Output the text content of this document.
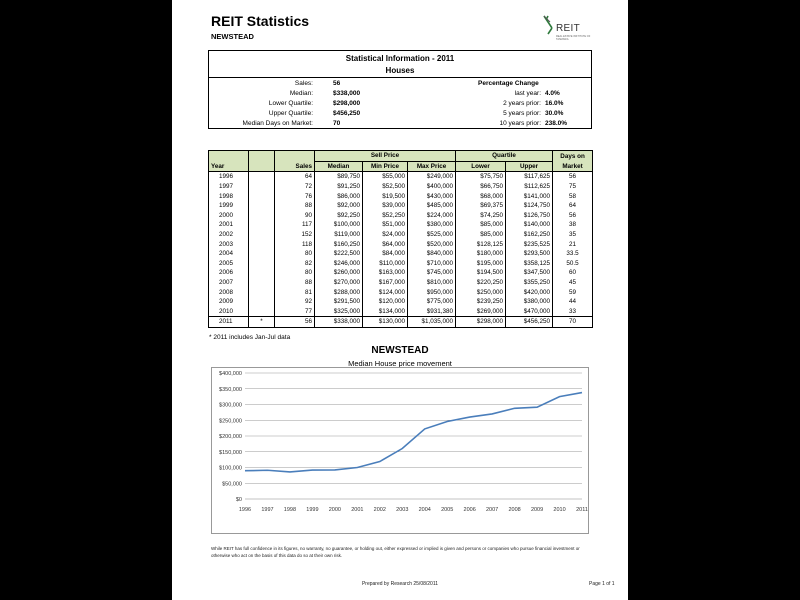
REIT Statistics
NEWSTEAD
REIT
REAL ESTATE INSTITUTE OF TASMANIA
Statistical Information - 2011
Houses
Sales:	56
Median:	$338,000
Lower Quartile:	$298,000
Upper Quartile:	$456,250
Median Days on Market:	70
Percentage Change
last year: 4.0%
2 years prior: 16.0%
5 years prior: 30.0%
10 years prior: 238.0%
			Sell Price			Quartile		Days on
Year		Sales	Median	Min Price	Max Price	Lower	Upper	Market
1996		64	$89,750	$55,000	$249,000	$75,750	$117,625	56
1997		72	$91,250	$52,500	$400,000	$66,750	$112,625	75
1998		76	$86,000	$19,500	$430,000	$68,000	$141,000	58
1999		88	$92,000	$39,000	$485,000	$69,375	$124,750	64
2000		90	$92,250	$52,250	$224,000	$74,250	$126,750	56
2001		117	$100,000	$51,000	$380,000	$85,000	$140,000	38
2002		152	$119,000	$24,000	$525,000	$85,000	$162,250	35
2003		118	$160,250	$64,000	$520,000	$128,125	$235,525	21
2004		80	$222,500	$84,000	$840,000	$180,000	$293,500	33.5
2005		82	$246,000	$110,000	$710,000	$195,000	$358,125	50.5
2006		80	$260,000	$163,000	$745,000	$194,500	$347,500	60
2007		88	$270,000	$167,000	$810,000	$220,250	$355,250	45
2008		81	$288,000	$124,000	$950,000	$250,000	$420,000	59
2009		92	$291,500	$120,000	$775,000	$239,250	$380,000	44
2010		77	$325,000	$134,000	$931,380	$269,000	$470,000	33
2011	*	56	$338,000	$130,000	$1,035,000	$298,000	$456,250	70
* 2011 includes Jan-Jul data
NEWSTEAD
Median House price movement
$0
$50,000
$100,000
$150,000
$200,000
$250,000
$300,000
$350,000
$400,000
1996 1997 1998 1999 2000 2001 2002 2003 2004 2005 2006 2007 2008 2009 2010 2011
While REIT has full confidence in its figures, no warranty, no guarantee, or holding out, either expressed or implied is given and persons or companies who pursue financial investment or otherwise who act on the basis of this data do so at their own risk.
Prepared by Research 25/08/2011	Page 1 of 1
